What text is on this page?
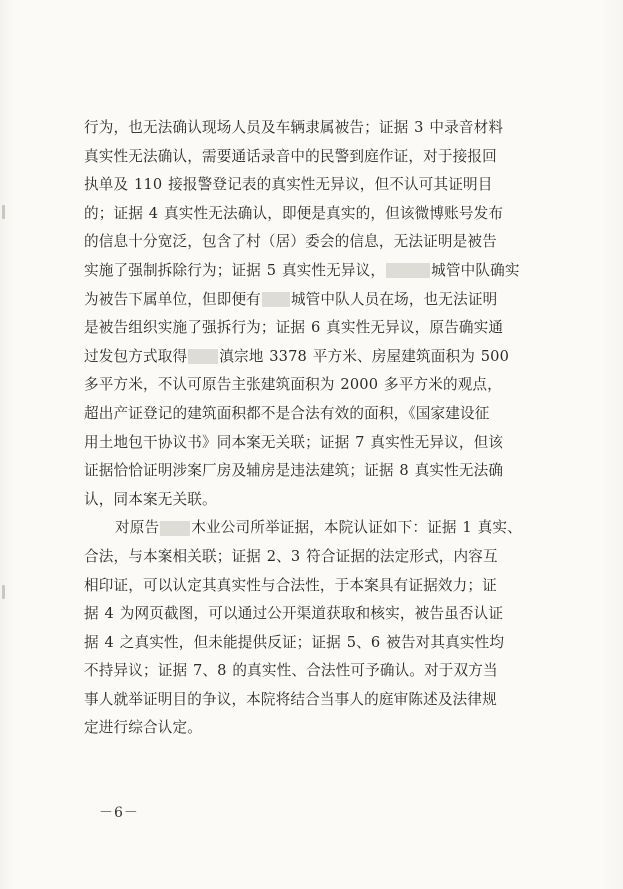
行为，也无法确认现场人员及车辆隶属被告；证据 3 中录音材料
真实性无法确认，需要通话录音中的民警到庭作证，对于接报回
执单及 110 接报警登记表的真实性无异议，但不认可其证明目
的；证据 4 真实性无法确认，即便是真实的，但该微博账号发布
的信息十分宽泛，包含了村（居）委会的信息，无法证明是被告
实施了强制拆除行为；证据 5 真实性无异议，	城管中队确实
为被告下属单位，但即便有 城管中队人员在场，也无法证明
是被告组织实施了强拆行为；证据 6 真实性无异议，原告确实通
过发包方式取得 滇宗地 3378 平方米、房屋建筑面积为 500
多平方米，不认可原告主张建筑面积为 2000 多平方米的观点，
超出产证登记的建筑面积都不是合法有效的面积，《国家建设征
用土地包干协议书》同本案无关联；证据 7 真实性无异议，但该
证据恰恰证明涉案厂房及辅房是违法建筑；证据 8 真实性无法确
认，同本案无关联。
对原告 木业公司所举证据，本院认证如下：证据 1 真实、
合法，与本案相关联；证据 2、3 符合证据的法定形式，内容互
相印证，可以认定其真实性与合法性，于本案具有证据效力；证
据 4 为网页截图，可以通过公开渠道获取和核实，被告虽否认证
据 4 之真实性，但未能提供反证；证据 5、6 被告对其真实性均
不持异议；证据 7、8 的真实性、合法性可予确认。对于双方当
事人就举证明目的争议，本院将结合当事人的庭审陈述及法律规
定进行综合认定。
－6－
